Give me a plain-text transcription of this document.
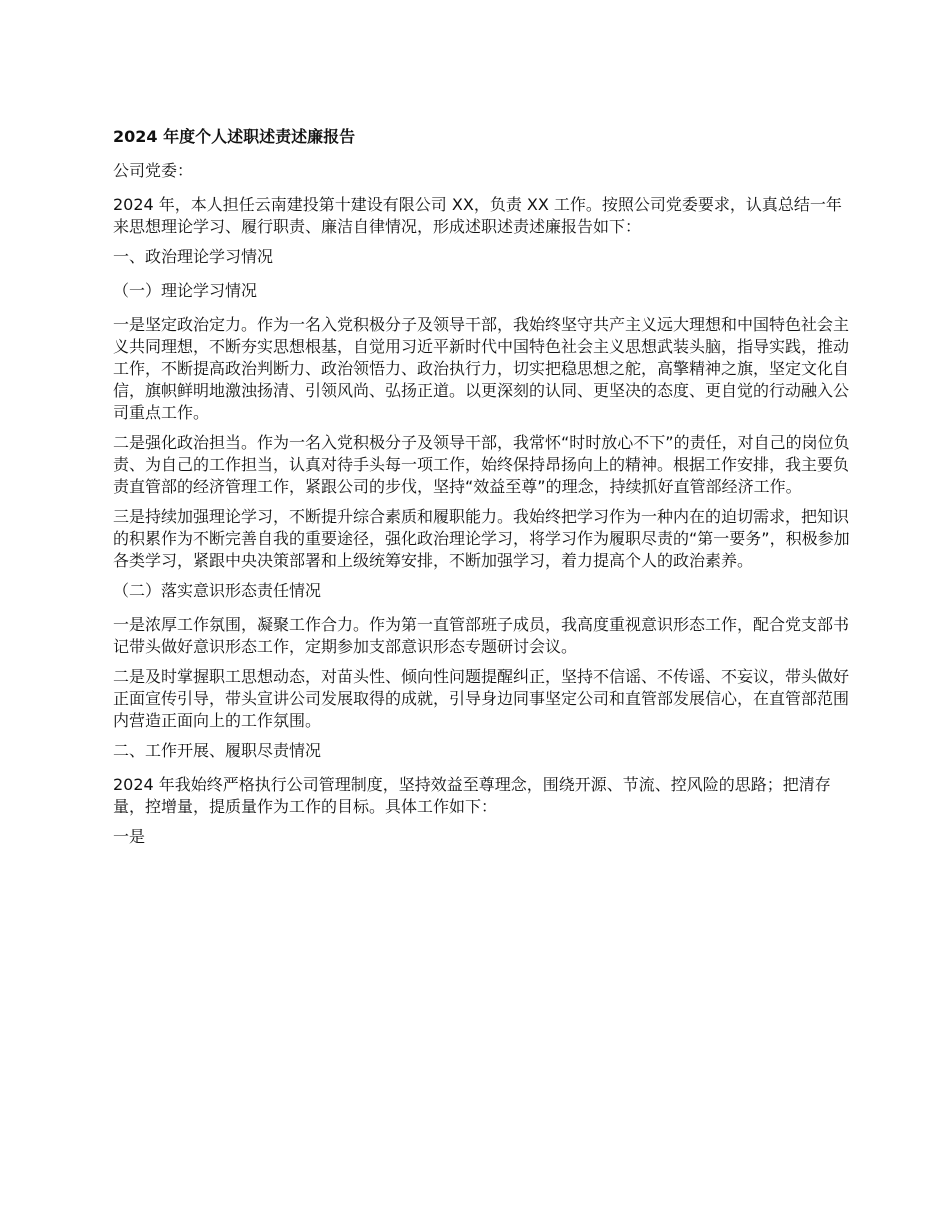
2024 年度个人述职述责述廉报告

公司党委：

2024 年，本人担任云南建投第十建设有限公司 XX，负责 XX 工作。按照公司党委要求，认真总结一年来思想理论学习、履行职责、廉洁自律情况，形成述职述责述廉报告如下：

一、政治理论学习情况

（一）理论学习情况

一是坚定政治定力。作为一名入党积极分子及领导干部，我始终坚守共产主义远大理想和中国特色社会主义共同理想，不断夯实思想根基，自觉用习近平新时代中国特色社会主义思想武装头脑，指导实践，推动工作，不断提高政治判断力、政治领悟力、政治执行力，切实把稳思想之舵，高擎精神之旗，坚定文化自信，旗帜鲜明地激浊扬清、引领风尚、弘扬正道。以更深刻的认同、更坚决的态度、更自觉的行动融入公司重点工作。

二是强化政治担当。作为一名入党积极分子及领导干部，我常怀“时时放心不下”的责任，对自己的岗位负责、为自己的工作担当，认真对待手头每一项工作，始终保持昂扬向上的精神。根据工作安排，我主要负责直管部的经济管理工作，紧跟公司的步伐，坚持“效益至尊”的理念，持续抓好直管部经济工作。

三是持续加强理论学习，不断提升综合素质和履职能力。我始终把学习作为一种内在的迫切需求，把知识的积累作为不断完善自我的重要途径，强化政治理论学习，将学习作为履职尽责的“第一要务”，积极参加各类学习，紧跟中央决策部署和上级统筹安排，不断加强学习，着力提高个人的政治素养。

（二）落实意识形态责任情况

一是浓厚工作氛围，凝聚工作合力。作为第一直管部班子成员，我高度重视意识形态工作，配合党支部书记带头做好意识形态工作，定期参加支部意识形态专题研讨会议。

二是及时掌握职工思想动态，对苗头性、倾向性问题提醒纠正，坚持不信谣、不传谣、不妄议，带头做好正面宣传引导，带头宣讲公司发展取得的成就，引导身边同事坚定公司和直管部发展信心，在直管部范围内营造正面向上的工作氛围。

二、工作开展、履职尽责情况

2024 年我始终严格执行公司管理制度，坚持效益至尊理念，围绕开源、节流、控风险的思路；把清存量，控增量，提质量作为工作的目标。具体工作如下：

一是
